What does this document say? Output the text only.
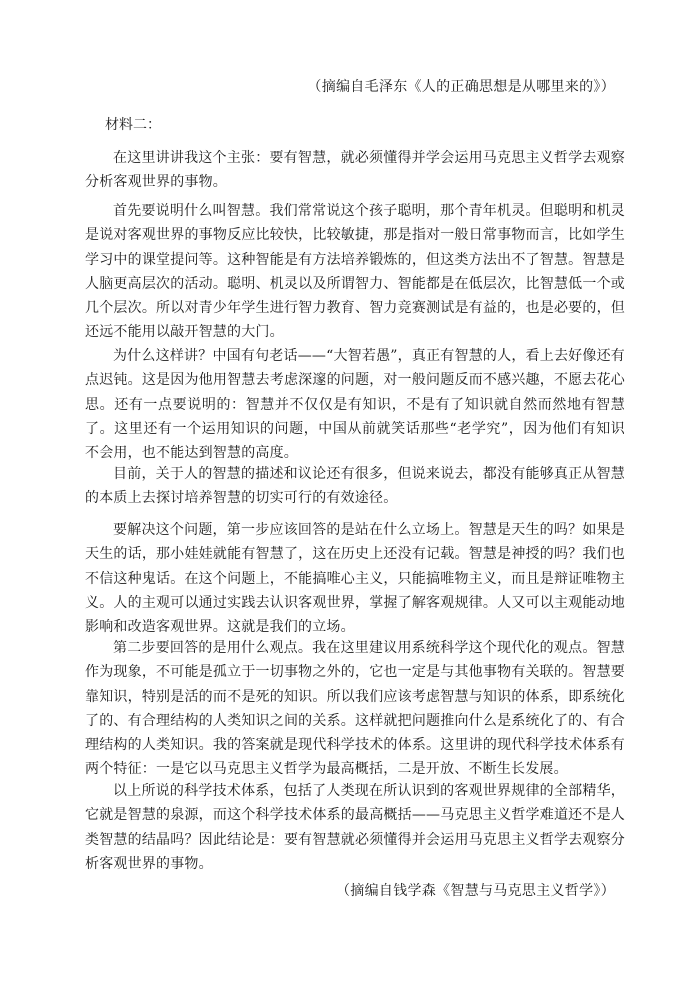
（摘编自毛泽东《人的正确思想是从哪里来的》）
材料二：
在这里讲讲我这个主张：要有智慧，就必须懂得并学会运用马克思主义哲学去观察分析客观世界的事物。
首先要说明什么叫智慧。我们常常说这个孩子聪明，那个青年机灵。但聪明和机灵是说对客观世界的事物反应比较快，比较敏捷，那是指对一般日常事物而言，比如学生学习中的课堂提问等。这种智能是有方法培养锻炼的，但这类方法出不了智慧。智慧是人脑更高层次的活动。聪明、机灵以及所谓智力、智能都是在低层次，比智慧低一个或几个层次。所以对青少年学生进行智力教育、智力竞赛测试是有益的，也是必要的，但还远不能用以敲开智慧的大门。
为什么这样讲？中国有句老话——“大智若愚”，真正有智慧的人，看上去好像还有点迟钝。这是因为他用智慧去考虑深邃的问题，对一般问题反而不感兴趣，不愿去花心思。还有一点要说明的：智慧并不仅仅是有知识，不是有了知识就自然而然地有智慧了。这里还有一个运用知识的问题，中国从前就笑话那些“老学究”，因为他们有知识不会用，也不能达到智慧的高度。
目前，关于人的智慧的描述和议论还有很多，但说来说去，都没有能够真正从智慧的本质上去探讨培养智慧的切实可行的有效途径。
要解决这个问题，第一步应该回答的是站在什么立场上。智慧是天生的吗？如果是天生的话，那小娃娃就能有智慧了，这在历史上还没有记载。智慧是神授的吗？我们也不信这种鬼话。在这个问题上，不能搞唯心主义，只能搞唯物主义，而且是辩证唯物主义。人的主观可以通过实践去认识客观世界，掌握了解客观规律。人又可以主观能动地影响和改造客观世界。这就是我们的立场。
第二步要回答的是用什么观点。我在这里建议用系统科学这个现代化的观点。智慧作为现象，不可能是孤立于一切事物之外的，它也一定是与其他事物有关联的。智慧要靠知识，特别是活的而不是死的知识。所以我们应该考虑智慧与知识的体系，即系统化了的、有合理结构的人类知识之间的关系。这样就把问题推向什么是系统化了的、有合理结构的人类知识。我的答案就是现代科学技术的体系。这里讲的现代科学技术体系有两个特征：一是它以马克思主义哲学为最高概括，二是开放、不断生长发展。
以上所说的科学技术体系，包括了人类现在所认识到的客观世界规律的全部精华，它就是智慧的泉源，而这个科学技术体系的最高概括——马克思主义哲学难道还不是人类智慧的结晶吗？因此结论是：要有智慧就必须懂得并会运用马克思主义哲学去观察分析客观世界的事物。
（摘编自钱学森《智慧与马克思主义哲学》）
